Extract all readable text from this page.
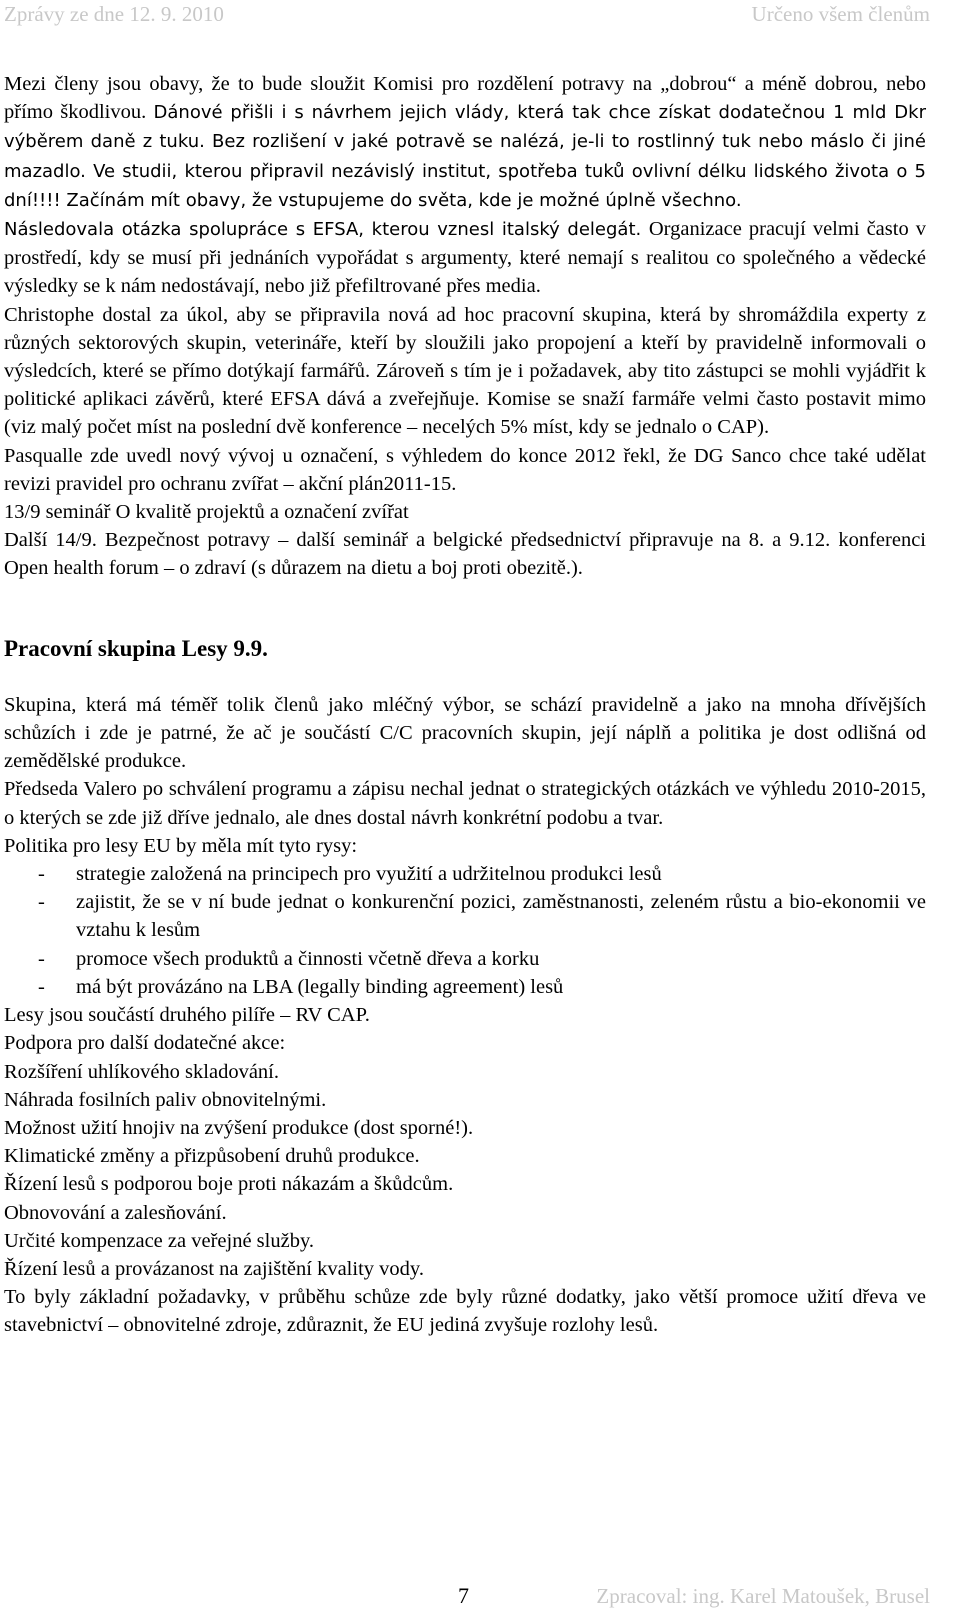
Zprávy ze dne 12. 9. 2010	Určeno všem členům

Mezi členy jsou obavy, že to bude sloužit Komisi pro rozdělení potravy na „dobrou“ a méně dobrou, nebo přímo škodlivou. Dánové přišli i s návrhem jejich vlády, která tak chce získat dodatečnou 1 mld Dkr výběrem daně z tuku. Bez rozlišení v jaké potravě se nalézá, je-li to rostlinný tuk nebo máslo či jiné mazadlo. Ve studii, kterou připravil nezávislý institut, spotřeba tuků ovlivní délku lidského života o 5 dní!!!! Začínám mít obavy, že vstupujeme do světa, kde je možné úplně všechno.

Následovala otázka spolupráce s EFSA, kterou vznesl italský delegát. Organizace pracují velmi často v prostředí, kdy se musí při jednáních vypořádat s argumenty, které nemají s realitou co společného a vědecké výsledky se k nám nedostávají, nebo již přefiltrované přes media.

Christophe dostal za úkol, aby se připravila nová ad hoc pracovní skupina, která by shromáždila experty z různých sektorových skupin, veterináře, kteří by sloužili jako propojení a kteří by pravidelně informovali o výsledcích, které se přímo dotýkají farmářů. Zároveň s tím je i požadavek, aby tito zástupci se mohli vyjádřit k politické aplikaci závěrů, které EFSA dává a zveřejňuje. Komise se snaží farmáře velmi často postavit mimo (viz malý počet míst na poslední dvě konference – necelých 5% míst, kdy se jednalo o CAP).

Pasqualle zde uvedl nový vývoj u označení, s výhledem do konce 2012 řekl, že DG Sanco chce také udělat revizi pravidel pro ochranu zvířat – akční plán2011-15.

13/9 seminář O kvalitě projektů a označení zvířat

Další 14/9. Bezpečnost potravy – další seminář a belgické předsednictví připravuje na 8. a 9.12. konferenci Open health forum – o zdraví (s důrazem na dietu a boj proti obezitě.).

Pracovní skupina Lesy 9.9.

Skupina, která má téměř tolik členů jako mléčný výbor, se schází pravidelně a jako na mnoha dřívějších schůzích i zde je patrné, že ač je součástí C/C pracovních skupin, její náplň a politika je dost odlišná od zemědělské produkce.

Předseda Valero po schválení programu a zápisu nechal jednat o strategických otázkách ve výhledu 2010-2015, o kterých se zde již dříve jednalo, ale dnes dostal návrh konkrétní podobu a tvar.

Politika pro lesy EU by měla mít tyto rysy:

- strategie založená na principech pro využití a udržitelnou produkci lesů
- zajistit, že se v ní bude jednat o konkurenční pozici, zaměstnanosti, zeleném růstu a bio-ekonomii ve vztahu k lesům
- promoce všech produktů a činnosti včetně dřeva a korku
- má být provázáno na LBA (legally binding agreement) lesů

Lesy jsou součástí druhého pilíře – RV CAP.

Podpora pro další dodatečné akce:

Rozšíření uhlíkového skladování.

Náhrada fosilních paliv obnovitelnými.

Možnost užití hnojiv na zvýšení produkce (dost sporné!).

Klimatické změny a přizpůsobení druhů produkce.

Řízení lesů s podporou boje proti nákazám a škůdcům.

Obnovování a zalesňování.

Určité kompenzace za veřejné služby.

Řízení lesů a provázanost na zajištění kvality vody.

To byly základní požadavky, v průběhu schůze zde byly různé dodatky, jako větší promoce užití dřeva ve stavebnictví – obnovitelné zdroje, zdůraznit, že EU jediná zvyšuje rozlohy lesů.

7	Zpracoval: ing. Karel Matoušek, Brusel
